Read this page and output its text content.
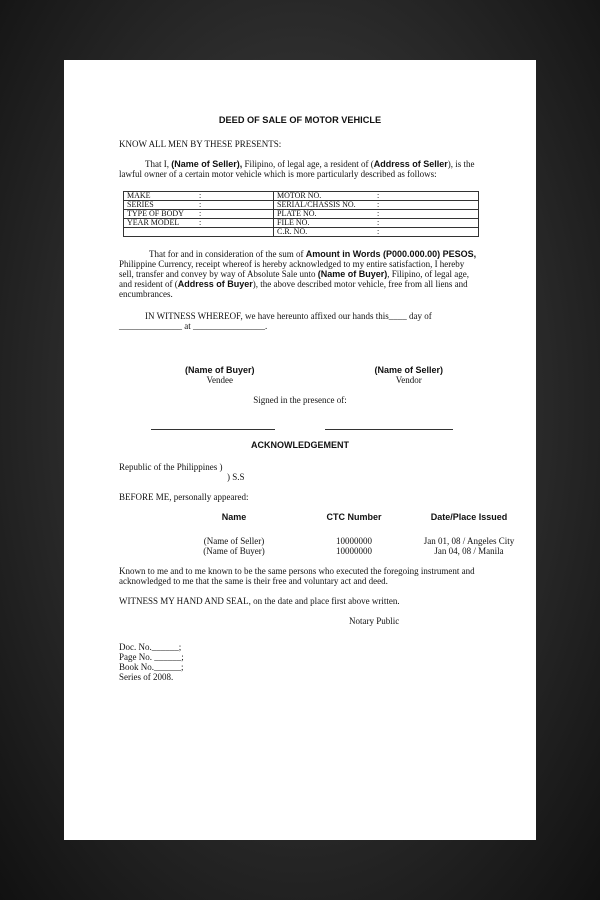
DEED OF SALE OF MOTOR VEHICLE

KNOW ALL MEN BY THESE PRESENTS:

That I, (Name of Seller), Filipino, of legal age, a resident of (Address of Seller), is the lawful owner of a certain motor vehicle which is more particularly described as follows:

MAKE :	MOTOR NO. :
SERIES :	SERIAL/CHASSIS NO. :
TYPE OF BODY :	PLATE NO. :
YEAR MODEL :	FILE NO. :
	C.R. NO. :

That for and in consideration of the sum of Amount in Words (P000.000.00) PESOS, Philippine Currency, receipt whereof is hereby acknowledged to my entire satisfaction, I hereby sell, transfer and convey by way of Absolute Sale unto (Name of Buyer), Filipino, of legal age, and resident of (Address of Buyer), the above described motor vehicle, free from all liens and encumbrances.

IN WITNESS WHEREOF, we have hereunto affixed our hands this____ day of ______________ at ________________.

(Name of Buyer)
Vendee
(Name of Seller)
Vendor

Signed in the presence of:

ACKNOWLEDGEMENT

Republic of the Philippines )

) S.S

BEFORE ME, personally appeared:

Name	CTC Number	Date/Place Issued
(Name of Seller)	10000000	Jan 01, 08 / Angeles City
(Name of Buyer)	10000000	Jan 04, 08 / Manila

Known to me and to me known to be the same persons who executed the foregoing instrument and acknowledged to me that the same is their free and voluntary act and deed.

WITNESS MY HAND AND SEAL, on the date and place first above written.

Notary Public

Doc. No.______;

Page No. ______;

Book No.______;

Series of 2008.
